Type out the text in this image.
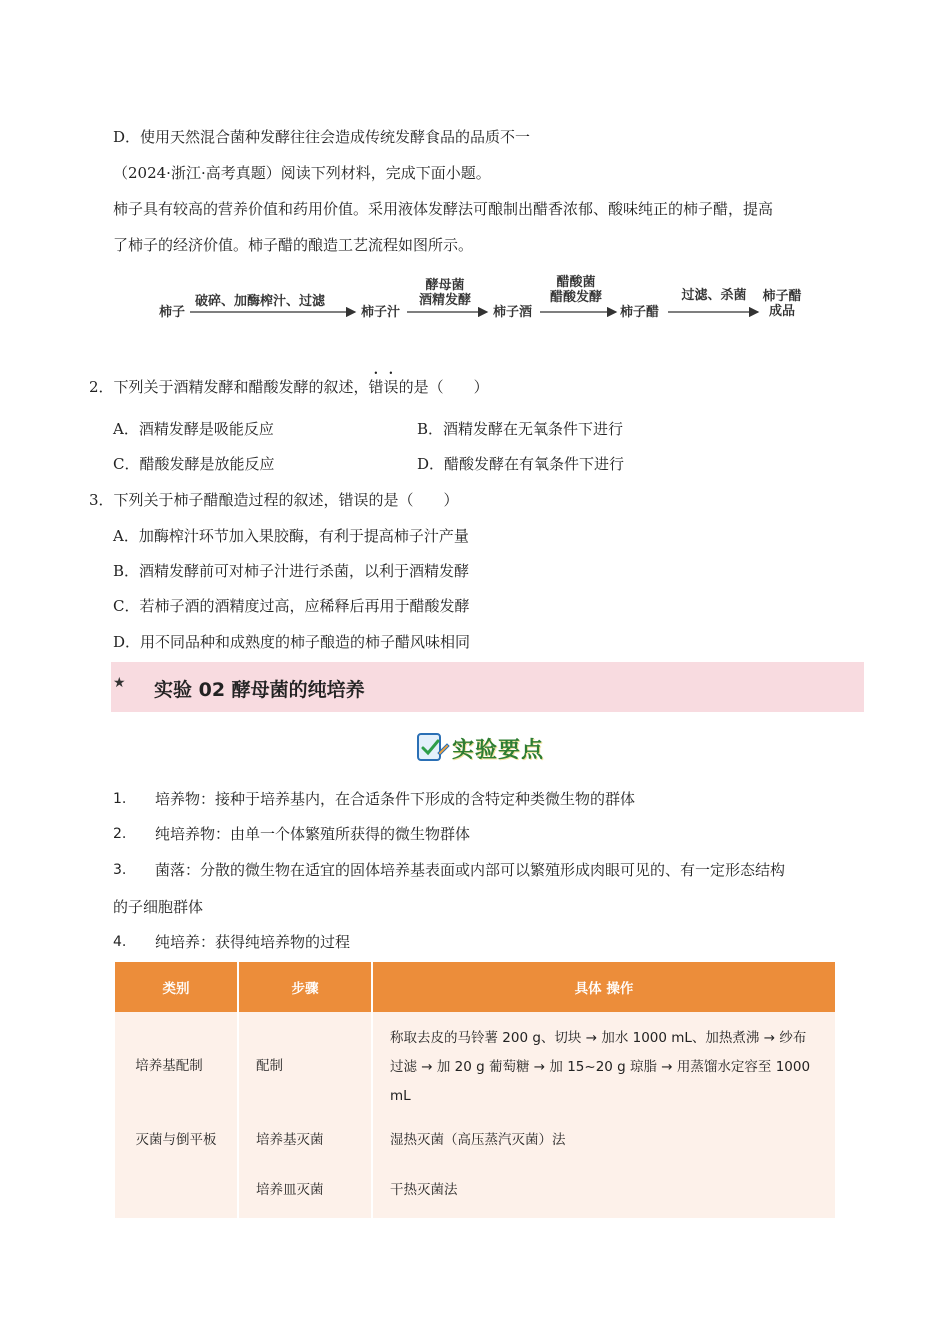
D．使用天然混合菌种发酵往往会造成传统发酵食品的品质不一
（2024·浙江·高考真题）阅读下列材料，完成下面小题。
柿子具有较高的营养价值和药用价值。采用液体发酵法可酿制出醋香浓郁、酸味纯正的柿子醋，提高
了柿子的经济价值。柿子醋的酿造工艺流程如图所示。
柿子
破碎、加酶榨汁、过滤
柿子汁
酵母菌
酒精发酵
柿子酒
醋酸菌
醋酸发酵
柿子醋
过滤、杀菌	柿子醋
成品
2．下列关于酒精发酵和醋酸发酵的叙述，错误的是（　　）
A．酒精发酵是吸能反应	B．酒精发酵在无氧条件下进行
C．醋酸发酵是放能反应	D．醋酸发酵在有氧条件下进行
3．下列关于柿子醋酿造过程的叙述，错误的是（　　）
A．加酶榨汁环节加入果胶酶，有利于提高柿子汁产量
B．酒精发酵前可对柿子汁进行杀菌，以利于酒精发酵
C．若柿子酒的酒精度过高，应稀释后再用于醋酸发酵
D．用不同品种和成熟度的柿子酿造的柿子醋风味相同
★ 实验 02 酵母菌的纯培养
实验要点
1. 培养物：接种于培养基内，在合适条件下形成的含特定种类微生物的群体
2. 纯培养物：由单一个体繁殖所获得的微生物群体
3. 菌落：分散的微生物在适宜的固体培养基表面或内部可以繁殖形成肉眼可见的、有一定形态结构
的子细胞群体
4. 纯培养：获得纯培养物的过程
类别	步骤	具体 操作

培养基配制	配制	称取去皮的马铃薯 200 g、切块 → 加水 1000 mL、加热煮沸 → 纱布
过滤 → 加 20 g 葡萄糖 → 加 15~20 g 琼脂 → 用蒸馏水定容至 1000
mL

灭菌与倒平板	培养基灭菌	湿热灭菌（高压蒸汽灭菌）法

	培养皿灭菌	干热灭菌法
